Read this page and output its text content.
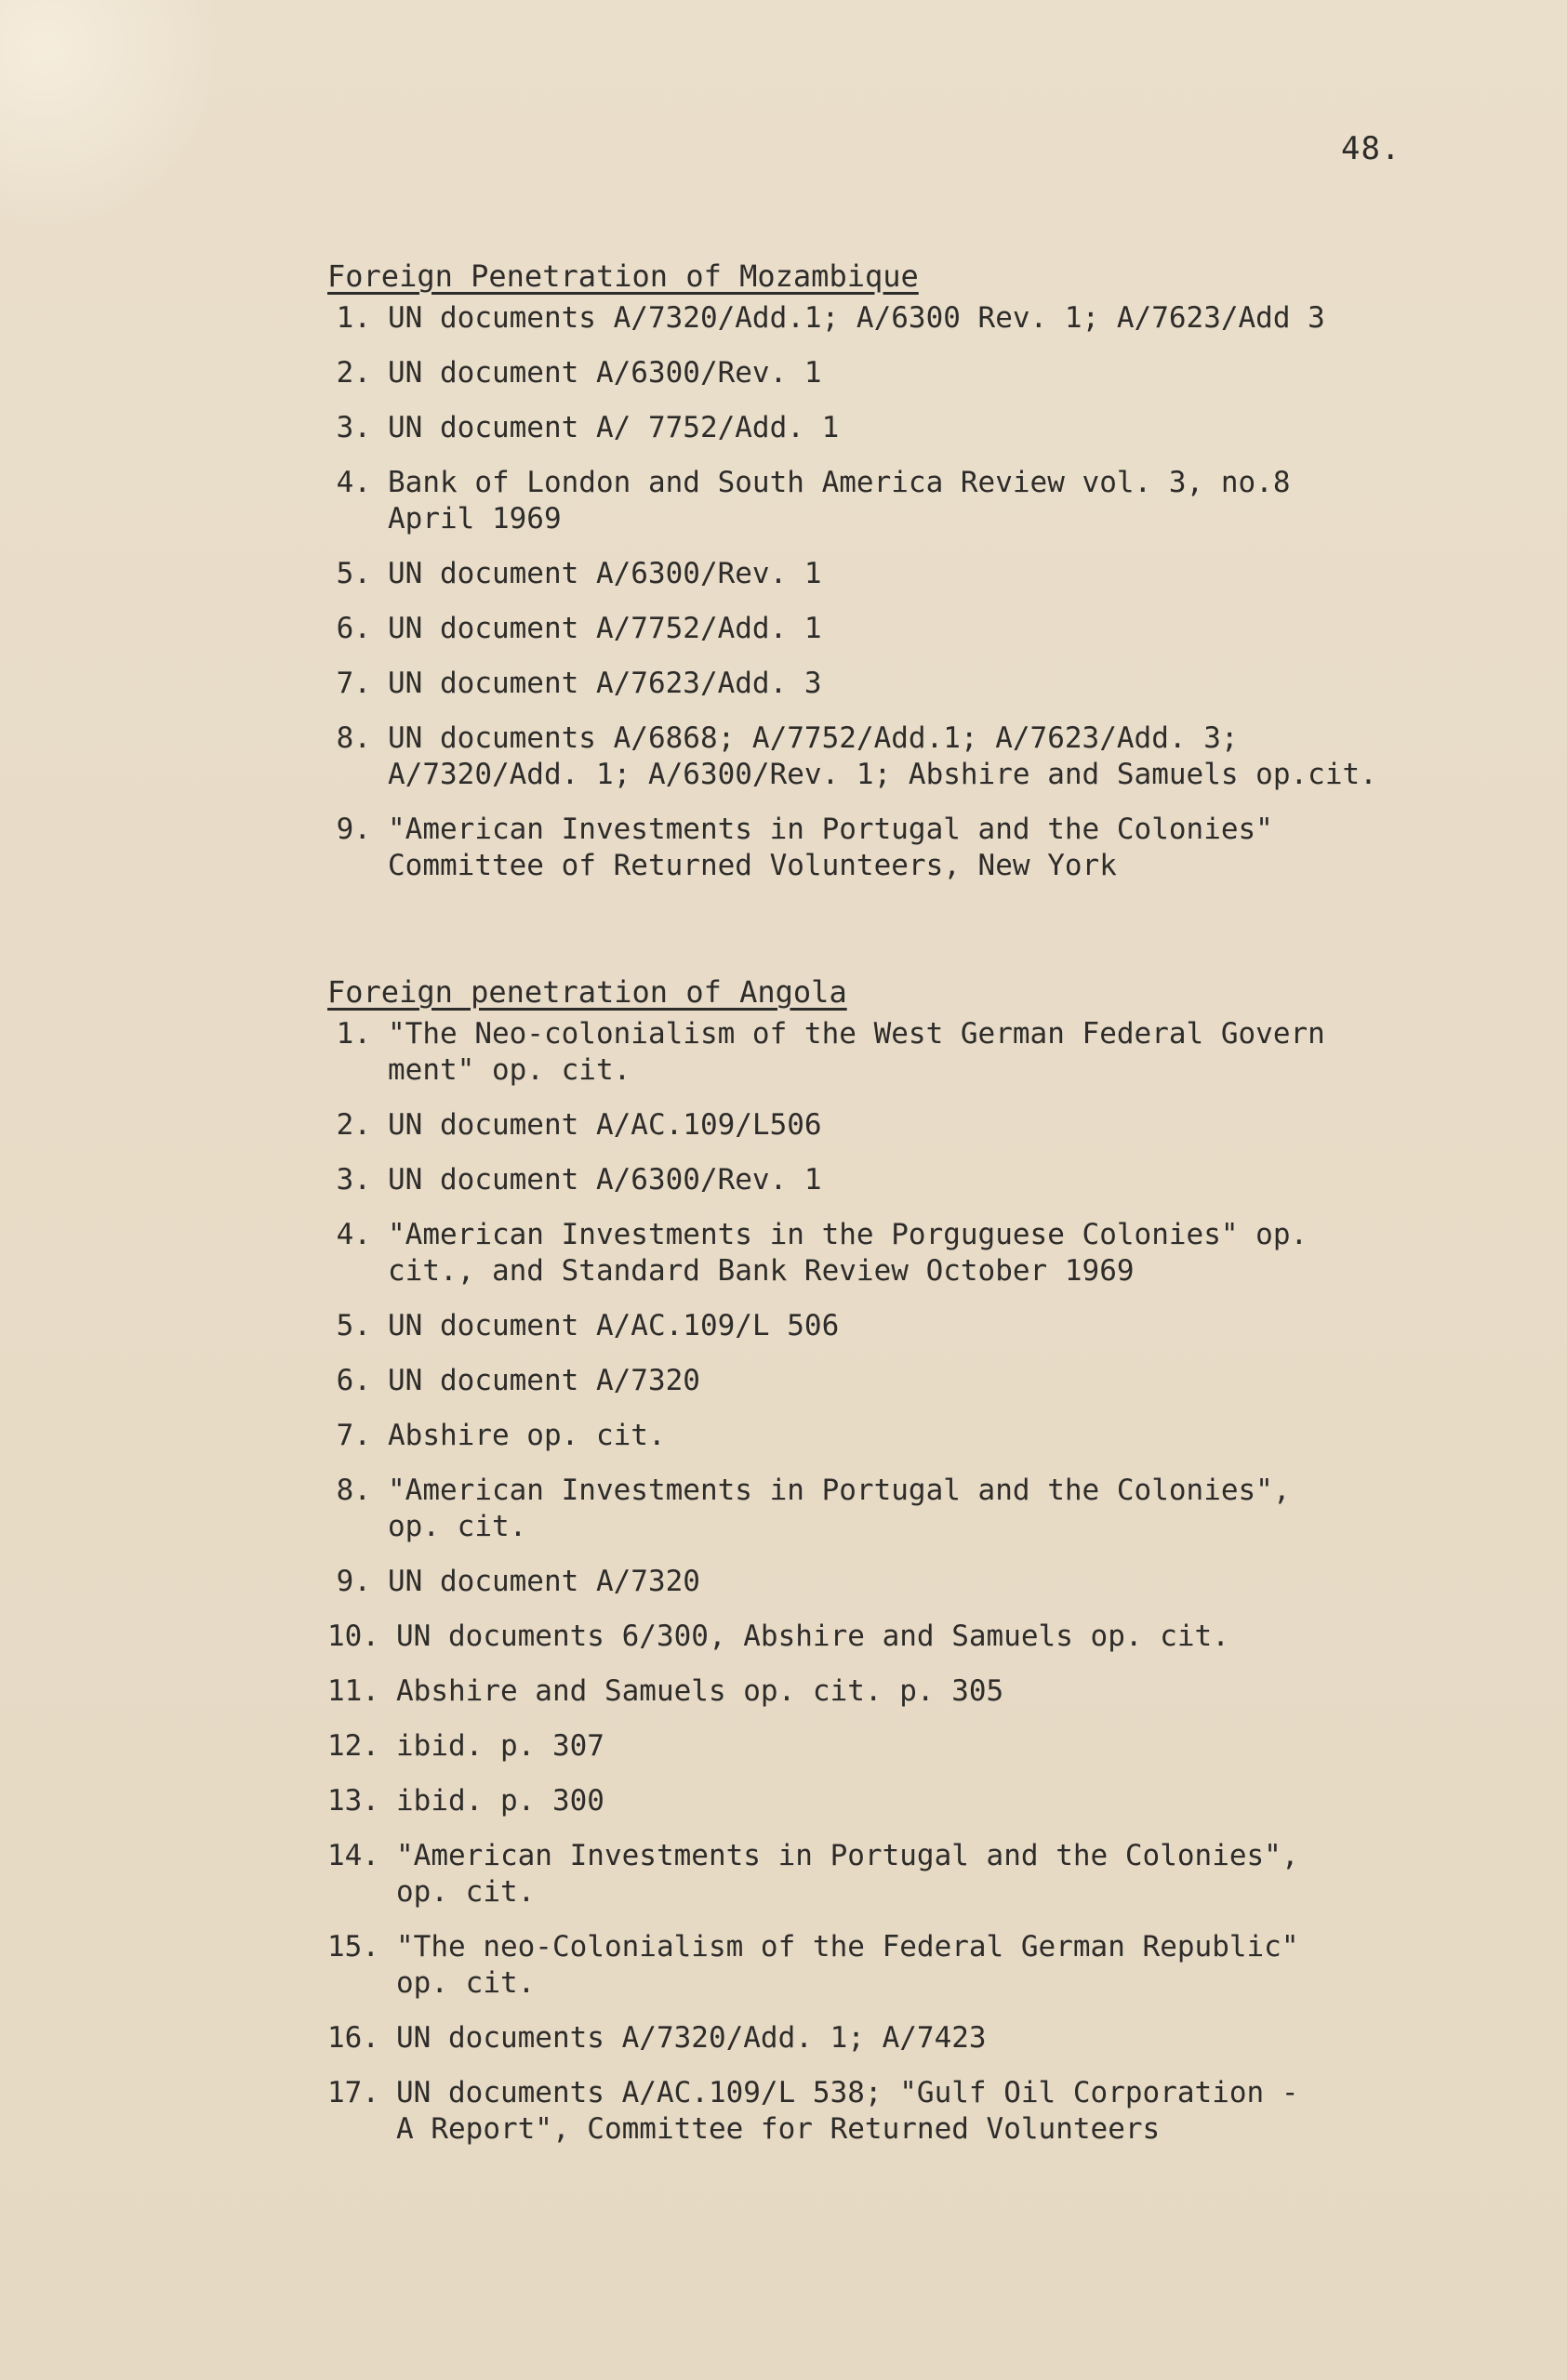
48.
Foreign Penetration of Mozambique
1. UN documents A/7320/Add.1; A/6300 Rev. 1; A/7623/Add 3
2. UN document A/6300/Rev. 1
3. UN document A/ 7752/Add. 1
4. Bank of London and South America Review vol. 3, no.8
April 1969
5. UN document A/6300/Rev. 1
6. UN document A/7752/Add. 1
7. UN document A/7623/Add. 3
8. UN documents A/6868; A/7752/Add.1; A/7623/Add. 3;
A/7320/Add. 1; A/6300/Rev. 1; Abshire and Samuels op.cit.
9. "American Investments in Portugal and the Colonies"
Committee of Returned Volunteers, New York
Foreign penetration of Angola
1. "The Neo-colonialism of the West German Federal Govern
ment" op. cit.
2. UN document A/AC.109/L506
3. UN document A/6300/Rev. 1
4. "American Investments in the Porguguese Colonies" op.
cit., and Standard Bank Review October 1969
5. UN document A/AC.109/L 506
6. UN document A/7320
7. Abshire op. cit.
8. "American Investments in Portugal and the Colonies",
op. cit.
9. UN document A/7320
10. UN documents 6/300, Abshire and Samuels op. cit.
11. Abshire and Samuels op. cit. p. 305
12. ibid. p. 307
13. ibid. p. 300
14. "American Investments in Portugal and the Colonies",
op. cit.
15. "The neo-Colonialism of the Federal German Republic"
op. cit.
16. UN documents A/7320/Add. 1; A/7423
17. UN documents A/AC.109/L 538; "Gulf Oil Corporation -
A Report", Committee for Returned Volunteers
